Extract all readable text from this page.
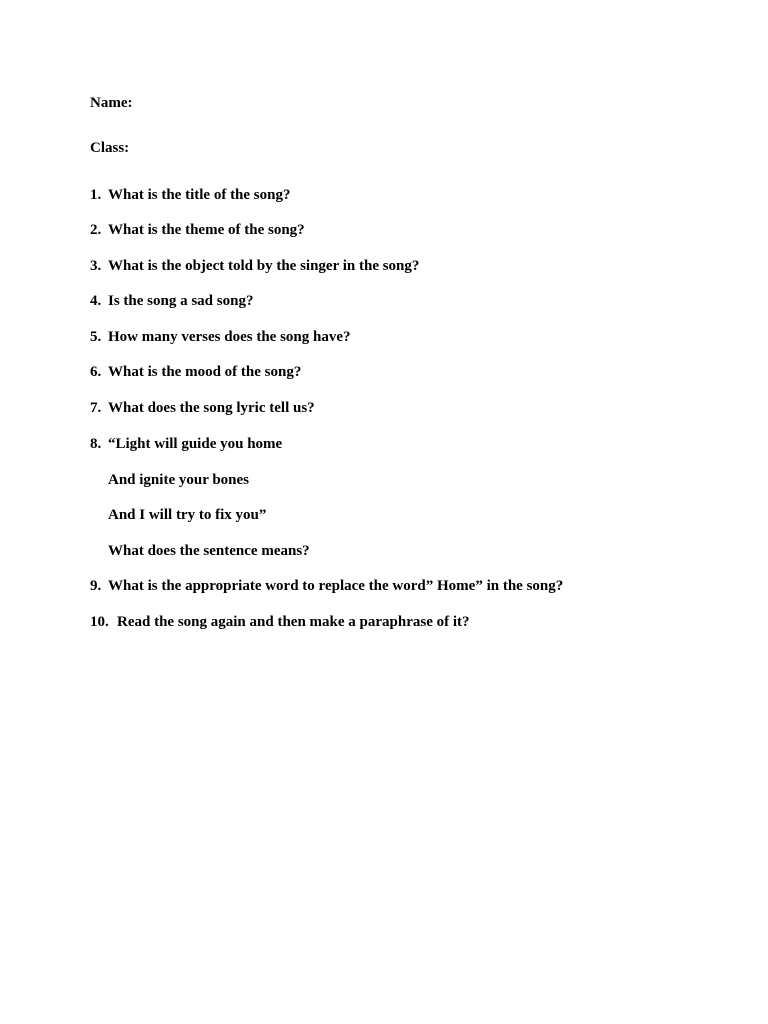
Name:
Class:
1. What is the title of the song?
2. What is the theme of the song?
3. What is the object told by the singer in the song?
4. Is the song a sad song?
5. How many verses does the song have?
6. What is the mood of the song?
7. What does the song lyric tell us?
8. “Light will guide you home
And ignite your bones
And I will try to fix you”
What does the sentence means?
9. What is the appropriate word to replace the word” Home” in the song?
10. Read the song again and then make a paraphrase of it?
